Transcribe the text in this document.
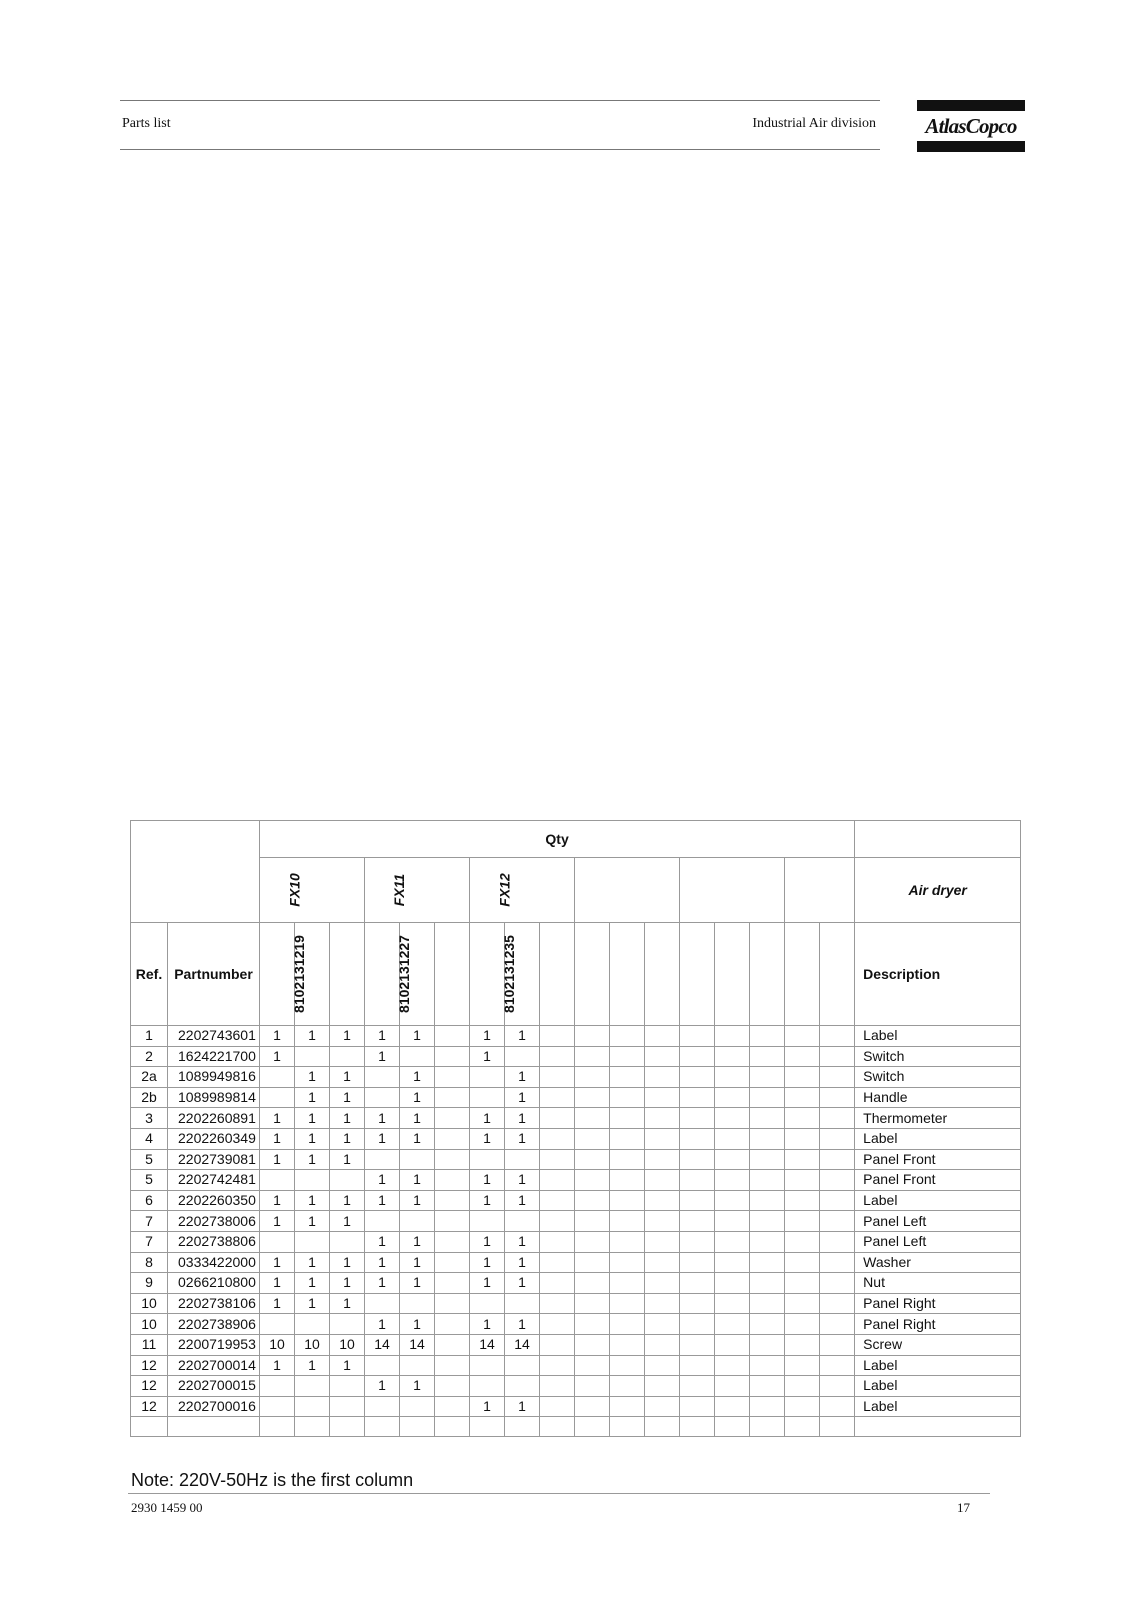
Parts list	Industrial Air division	AtlasCopco
		Qty																	
		FX10			FX11			FX12											Air dryer
Ref.	Partnumber	8102131219			8102131227			8102131235											Description
1	2202743601	1	1	1	1	1		1	1										Label
2	1624221700	1			1			1											Switch
2a	1089949816		1	1		1			1										Switch
2b	1089989814		1	1		1			1										Handle
3	2202260891	1	1	1	1	1		1	1										Thermometer
4	2202260349	1	1	1	1	1		1	1										Label
5	2202739081	1	1	1															Panel Front
5	2202742481				1	1		1	1										Panel Front
6	2202260350	1	1	1	1	1		1	1										Label
7	2202738006	1	1	1															Panel Left
7	2202738806				1	1		1	1										Panel Left
8	0333422000	1	1	1	1	1		1	1										Washer
9	0266210800	1	1	1	1	1		1	1										Nut
10	2202738106	1	1	1															Panel Right
10	2202738906				1	1		1	1										Panel Right
11	2200719953	10	10	10	14	14		14	14										Screw
12	2202700014	1	1	1															Label
12	2202700015				1	1													Label
12	2202700016							1	1										Label

Note: 220V-50Hz is the first column
2930 1459 00	17
